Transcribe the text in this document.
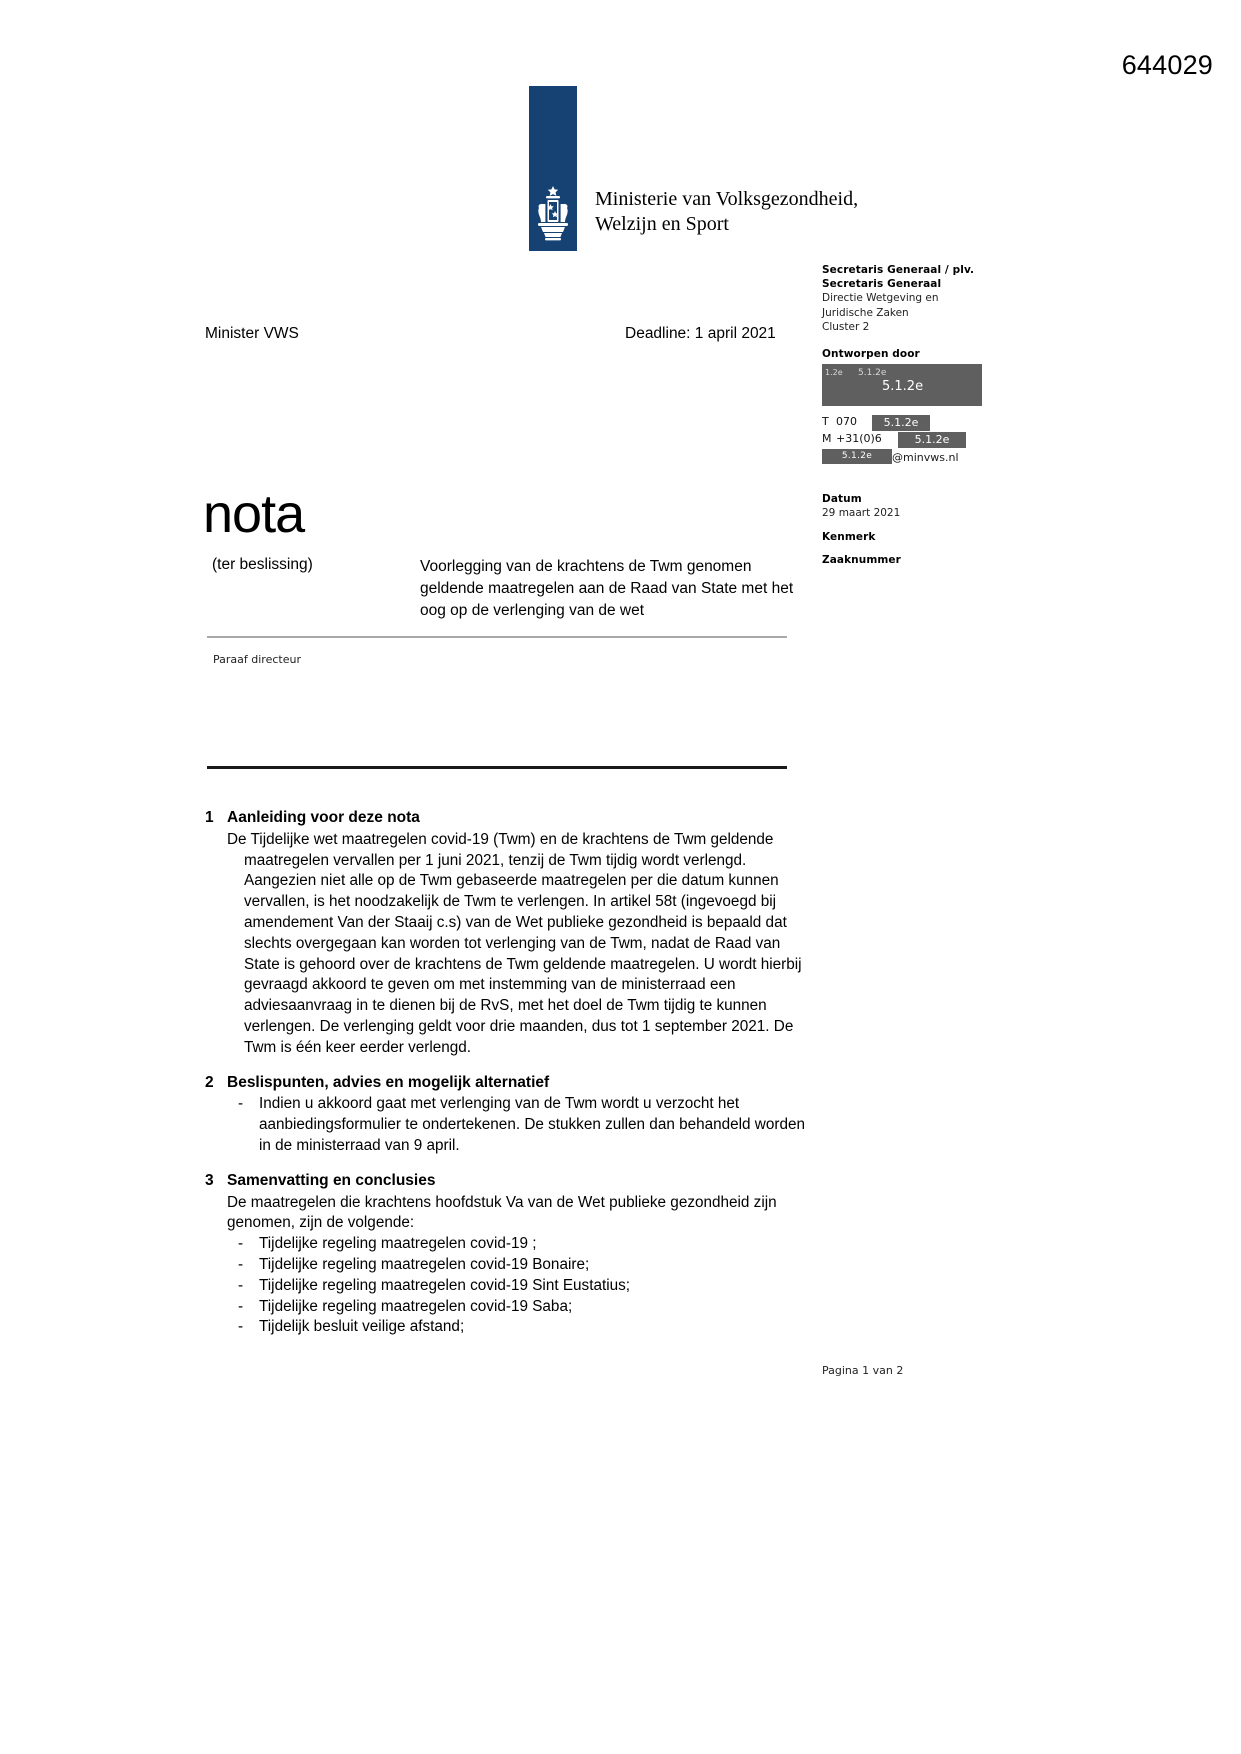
644029
Ministerie van Volksgezondheid,
Welzijn en Sport
Secretaris Generaal / plv.
Secretaris Generaal
Directie Wetgeving en
Juridische Zaken
Cluster 2
Ontworpen door
1.2e 5.1.2e
5.1.2e
T 070	5.1.2e
M +31(0)6	5.1.2e
5.1.2e @minvws.nl
Datum
29 maart 2021
Kenmerk
Zaaknummer
Minister VWS	Deadline: 1 april 2021
nota
(ter beslissing)	Voorlegging van de krachtens de Twm genomen geldende maatregelen aan de Raad van State met het oog op de verlenging van de wet
Paraaf directeur
1 Aanleiding voor deze nota

De Tijdelijke wet maatregelen covid-19 (Twm) en de krachtens de Twm geldende maatregelen vervallen per 1 juni 2021, tenzij de Twm tijdig wordt verlengd. Aangezien niet alle op de Twm gebaseerde maatregelen per die datum kunnen vervallen, is het noodzakelijk de Twm te verlengen. In artikel 58t (ingevoegd bij amendement Van der Staaij c.s) van de Wet publieke gezondheid is bepaald dat slechts overgegaan kan worden tot verlenging van de Twm, nadat de Raad van State is gehoord over de krachtens de Twm geldende maatregelen. U wordt hierbij gevraagd akkoord te geven om met instemming van de ministerraad een adviesaanvraag in te dienen bij de RvS, met het doel de Twm tijdig te kunnen verlengen. De verlenging geldt voor drie maanden, dus tot 1 september 2021. De Twm is één keer eerder verlengd.

2 Beslispunten, advies en mogelijk alternatief
- Indien u akkoord gaat met verlenging van de Twm wordt u verzocht het aanbiedingsformulier te ondertekenen. De stukken zullen dan behandeld worden in de ministerraad van 9 april.
3 Samenvatting en conclusies

De maatregelen die krachtens hoofdstuk Va van de Wet publieke gezondheid zijn genomen, zijn de volgende:

- Tijdelijke regeling maatregelen covid-19 ;
- Tijdelijke regeling maatregelen covid-19 Bonaire;
- Tijdelijke regeling maatregelen covid-19 Sint Eustatius;
- Tijdelijke regeling maatregelen covid-19 Saba;
- Tijdelijk besluit veilige afstand;
Pagina 1 van 2
